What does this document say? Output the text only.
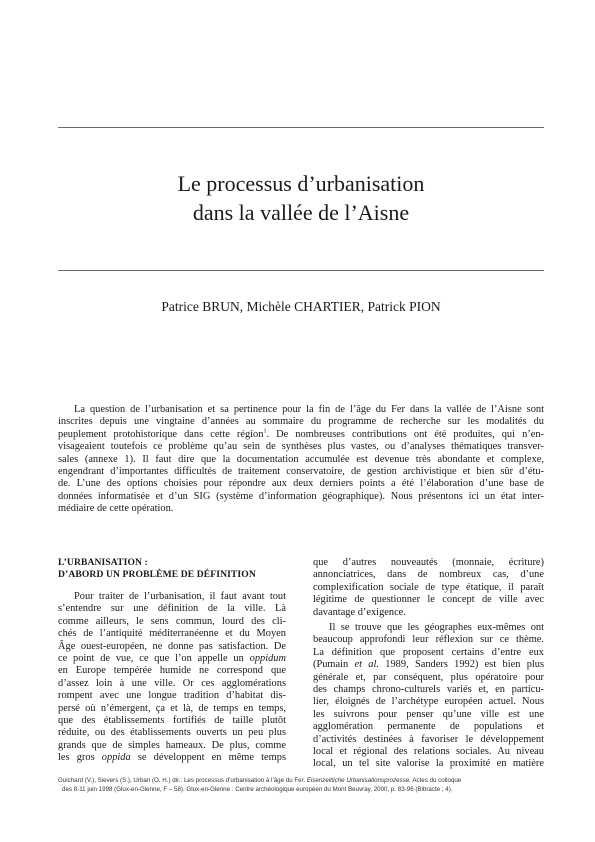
Le processus d’urbanisation
dans la vallée de l’Aisne
Patrice BRUN, Michèle CHARTIER, Patrick PION
La question de l’urbanisation et sa pertinence pour la fin de l’âge du Fer dans la vallée de l’Aisne sont
inscrites depuis une vingtaine d’années au sommaire du programme de recherche sur les modalités du
peuplement protohistorique dans cette région$^1$. De nombreuses contributions ont été produites, qui n’en-
visageaient toutefois ce problème qu’au sein de synthèses plus vastes, ou d’analyses thématiques transver-
sales (annexe 1). Il faut dire que la documentation accumulée est devenue très abondante et complexe,
engendrant d’importantes difficultés de traitement conservatoire, de gestion archivistique et bien sûr d’étu-
de. L’une des options choisies pour répondre aux deux derniers points a été l’élaboration d’une base de
données informatisée et d’un SIG (système d’information géographique). Nous présentons ici un état inter-
médiaire de cette opération.
L’URBANISATION :
D’ABORD UN PROBLÈME DE DÉFINITION
Pour traiter de l’urbanisation, il faut avant tout
s’entendre sur une définition de la ville. Là
comme ailleurs, le sens commun, lourd des cli-
chés de l’antiquité méditerranéenne et du Moyen
Âge ouest-européen, ne donne pas satisfaction. De
ce point de vue, ce que l’on appelle un oppidum
en Europe tempérée humide ne correspond que
d’assez loin à une ville. Or ces agglomérations
rompent avec une longue tradition d’habitat dis-
persé où n’émergent, ça et là, de temps en temps,
que des établissements fortifiés de taille plutôt
réduite, ou des établissements ouverts un peu plus
grands que de simples hameaux. De plus, comme
les gros oppida se développent en même temps
que d’autres nouveautés (monnaie, écriture)
annonciatrices, dans de nombreux cas, d’une
complexification sociale de type étatique, il paraît
légitime de questionner le concept de ville avec
davantage d’exigence.
Il se trouve que les géographes eux-mêmes ont
beaucoup approfondi leur réflexion sur ce thème.
La définition que proposent certains d’entre eux
(Pumain et al. 1989, Sanders 1992) est bien plus
générale et, par conséquent, plus opératoire pour
des champs chrono-culturels variés et, en particu-
lier, éloignés de l’archétype européen actuel. Nous
les suivrons pour penser qu’une ville est une
agglomération permanente de populations et
d’activités destinées à favoriser le développement
local et régional des relations sociales. Au niveau
local, un tel site valorise la proximité en matière
Guichard (V.), Sievers (S.), Urban (O. H.) dir.: Les processus d’urbanisation à l’âge du Fer. Eisenzeitliche Urbanisationsprozesse. Actes du colloque
des 8-11 juin 1998 (Glux-en-Glenne, F – 58). Glux-en-Glenne : Centre archéologique européen du Mont Beuvray, 2000, p. 83-96 (Bibracte ; 4).
